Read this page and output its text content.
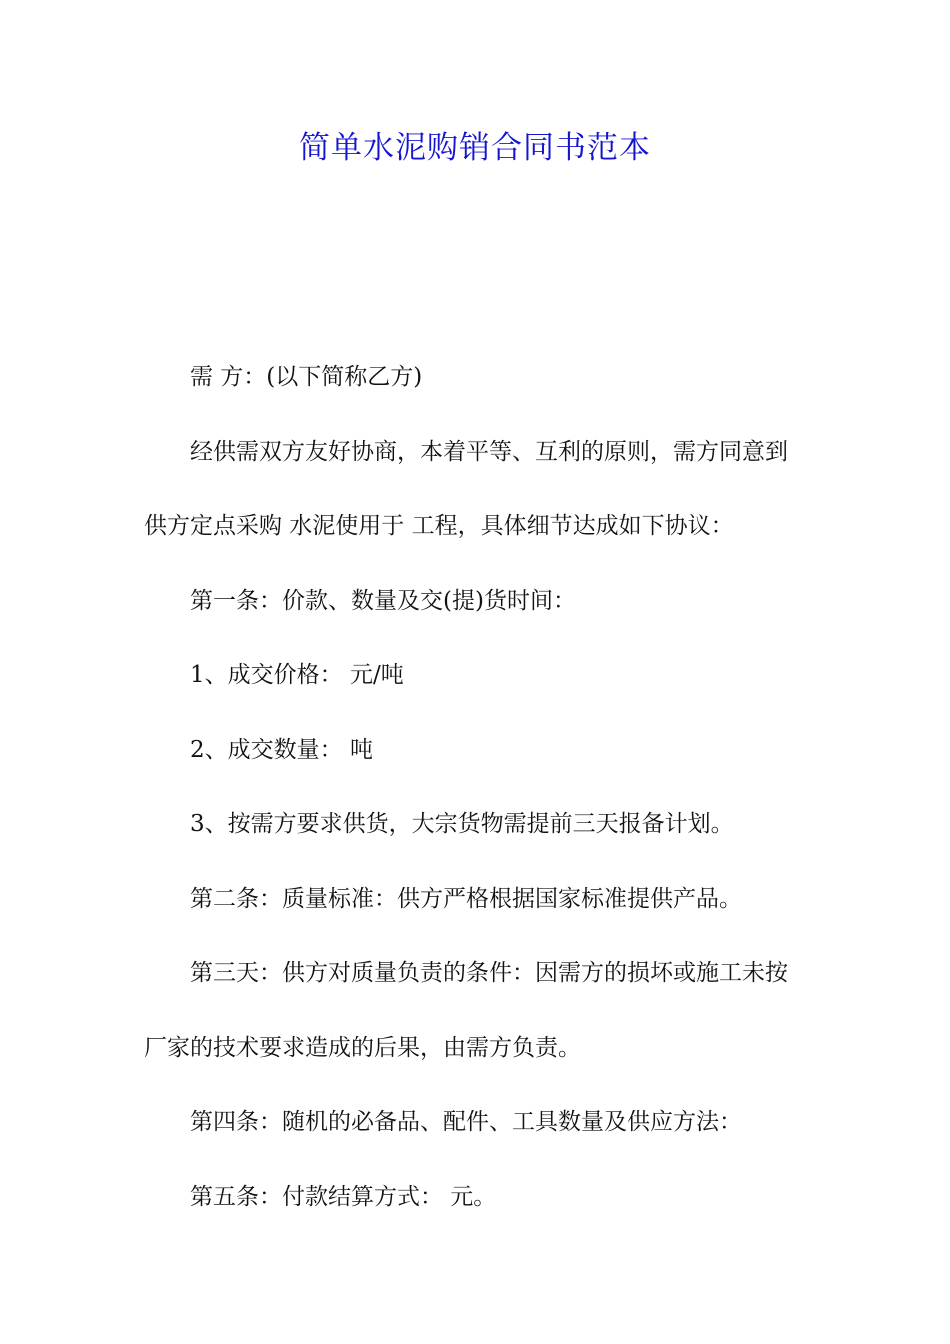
简单水泥购销合同书范本

需 方：(以下简称乙方)

经供需双方友好协商，本着平等、互利的原则，需方同意到供方定点采购 水泥使用于 工程，具体细节达成如下协议：

第一条：价款、数量及交(提)货时间：

1、成交价格： 元/吨

2、成交数量： 吨

3、按需方要求供货，大宗货物需提前三天报备计划。

第二条：质量标准：供方严格根据国家标准提供产品。

第三天：供方对质量负责的条件：因需方的损坏或施工未按厂家的技术要求造成的后果，由需方负责。

第四条：随机的必备品、配件、工具数量及供应方法：

第五条：付款结算方式： 元。
